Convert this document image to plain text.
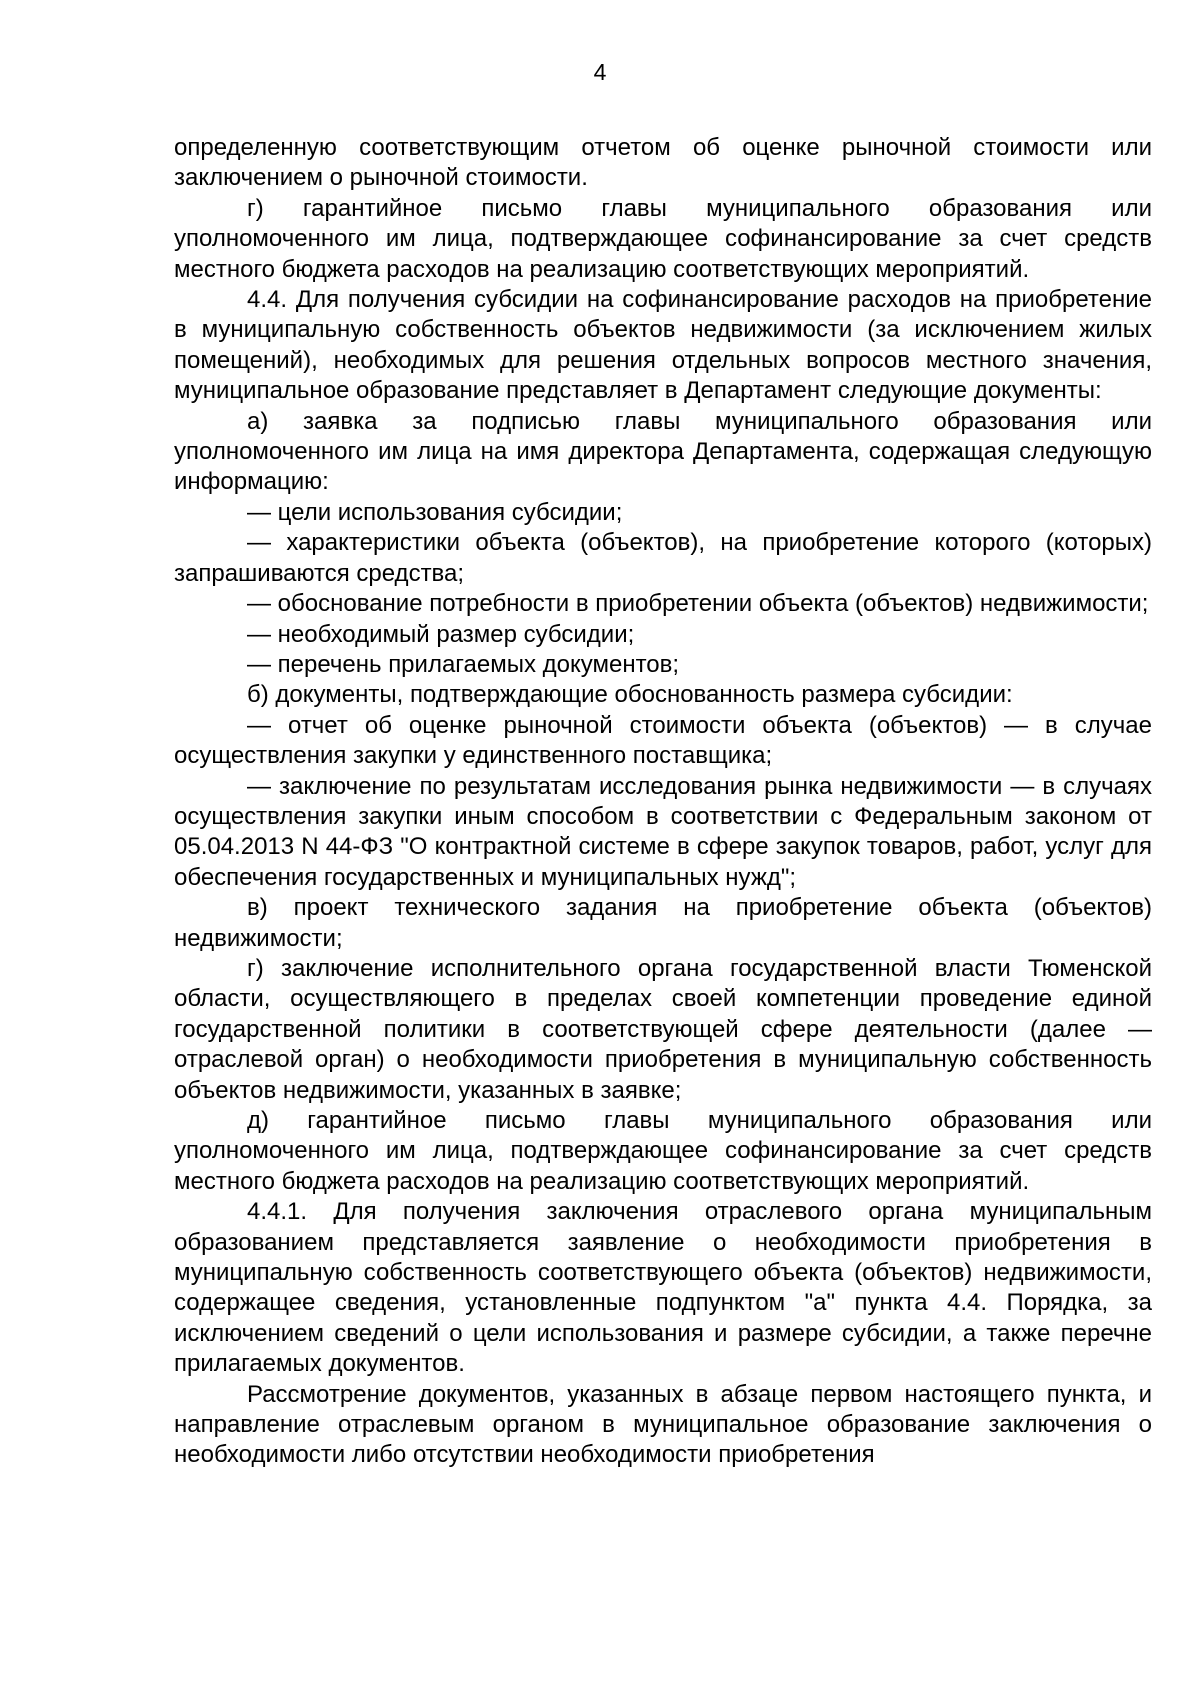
4

определенную соответствующим отчетом об оценке рыночной стоимости или заключением о рыночной стоимости.

г) гарантийное письмо главы муниципального образования или уполномоченного им лица, подтверждающее софинансирование за счет средств местного бюджета расходов на реализацию соответствующих мероприятий.

4.4. Для получения субсидии на софинансирование расходов на приобретение в муниципальную собственность объектов недвижимости (за исключением жилых помещений), необходимых для решения отдельных вопросов местного значения, муниципальное образование представляет в Департамент следующие документы:

а) заявка за подписью главы муниципального образования или уполномоченного им лица на имя директора Департамента, содержащая следующую информацию:

— цели использования субсидии;

— характеристики объекта (объектов), на приобретение которого (которых) запрашиваются средства;

— обоснование потребности в приобретении объекта (объектов) недвижимости;

— необходимый размер субсидии;

— перечень прилагаемых документов;

б) документы, подтверждающие обоснованность размера субсидии:

— отчет об оценке рыночной стоимости объекта (объектов) — в случае осуществления закупки у единственного поставщика;

— заключение по результатам исследования рынка недвижимости — в случаях осуществления закупки иным способом в соответствии с Федеральным законом от 05.04.2013 N 44-ФЗ "О контрактной системе в сфере закупок товаров, работ, услуг для обеспечения государственных и муниципальных нужд";

в) проект технического задания на приобретение объекта (объектов) недвижимости;

г) заключение исполнительного органа государственной власти Тюменской области, осуществляющего в пределах своей компетенции проведение единой государственной политики в соответствующей сфере деятельности (далее — отраслевой орган) о необходимости приобретения в муниципальную собственность объектов недвижимости, указанных в заявке;

д) гарантийное письмо главы муниципального образования или уполномоченного им лица, подтверждающее софинансирование за счет средств местного бюджета расходов на реализацию соответствующих мероприятий.

4.4.1. Для получения заключения отраслевого органа муниципальным образованием представляется заявление о необходимости приобретения в муниципальную собственность соответствующего объекта (объектов) недвижимости, содержащее сведения, установленные подпунктом "а" пункта 4.4. Порядка, за исключением сведений о цели использования и размере субсидии, а также перечне прилагаемых документов.

Рассмотрение документов, указанных в абзаце первом настоящего пункта, и направление отраслевым органом в муниципальное образование заключения о необходимости либо отсутствии необходимости приобретения
